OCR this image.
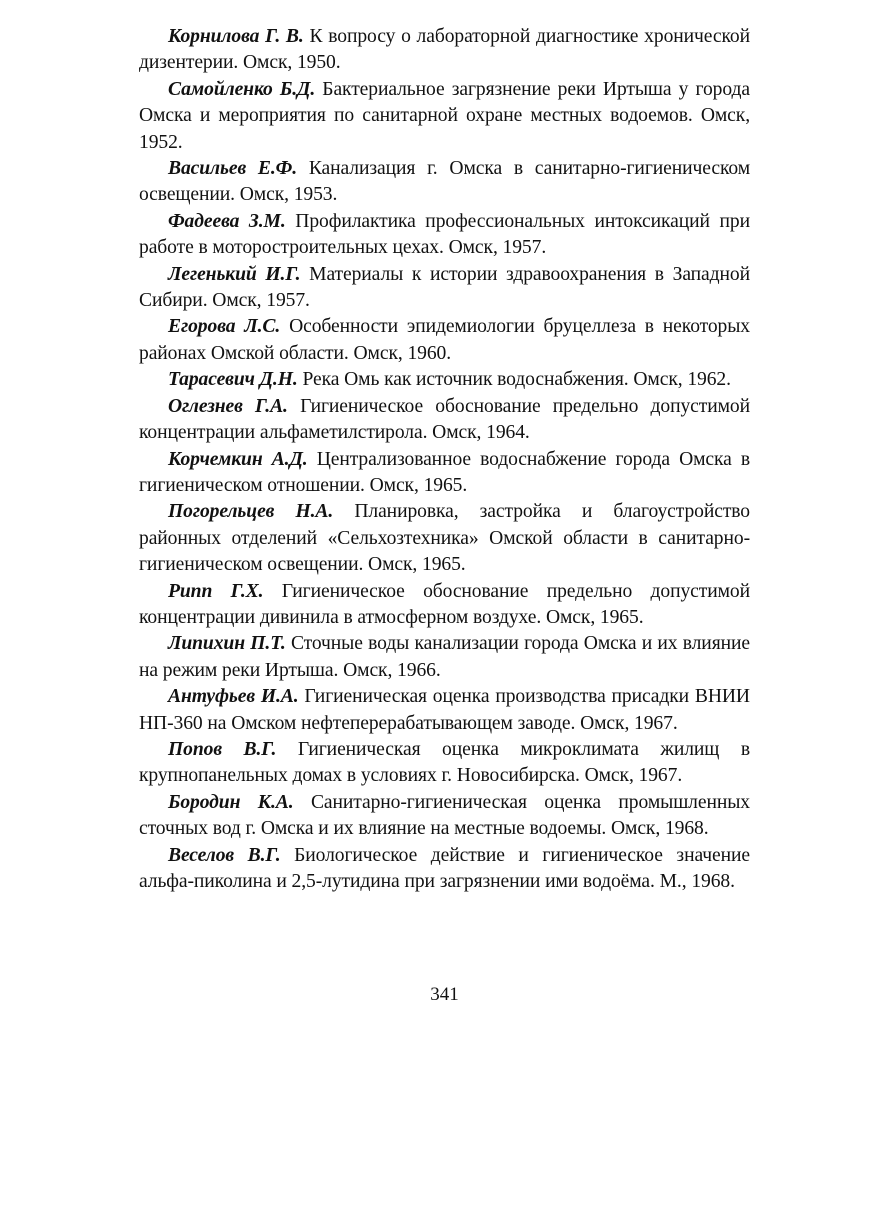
Корнилова Г. В. К вопросу о лабораторной диагностике хронической дизентерии. Омск, 1950.

Самойленко Б.Д. Бактериальное загрязнение реки Иртыша у города Омска и мероприятия по санитарной охране местных водоемов. Омск, 1952.

Васильев Е.Ф. Канализация г. Омска в санитарно-гигиеническом освещении. Омск, 1953.

Фадеева З.М. Профилактика профессиональных интоксикаций при работе в моторостроительных цехах. Омск, 1957.

Легенький И.Г. Материалы к истории здравоохранения в Западной Сибири. Омск, 1957.

Егорова Л.С. Особенности эпидемиологии бруцеллеза в некоторых районах Омской области. Омск, 1960.

Тарасевич Д.Н. Река Омь как источник водоснабжения. Омск, 1962.

Оглезнев Г.А. Гигиеническое обоснование предельно допустимой концентрации альфаметилстирола. Омск, 1964.

Корчемкин А.Д. Централизованное водоснабжение города Омска в гигиеническом отношении. Омск, 1965.

Погорельцев Н.А. Планировка, застройка и благоустройство районных отделений «Сельхозтехника» Омской области в санитарно-гигиеническом освещении. Омск, 1965.

Рипп Г.Х. Гигиеническое обоснование предельно допустимой концентрации дивинила в атмосферном воздухе. Омск, 1965.

Липихин П.Т. Сточные воды канализации города Омска и их влияние на режим реки Иртыша. Омск, 1966.

Антуфьев И.А. Гигиеническая оценка производства присадки ВНИИ НП-360 на Омском нефтеперерабатывающем заводе. Омск, 1967.

Попов В.Г. Гигиеническая оценка микроклимата жилищ в крупнопанельных домах в условиях г. Новосибирска. Омск, 1967.

Бородин К.А. Санитарно-гигиеническая оценка промышленных сточных вод г. Омска и их влияние на местные водоемы. Омск, 1968.

Веселов В.Г. Биологическое действие и гигиеническое значение альфа-пиколина и 2,5-лутидина при загрязнении ими водоёма. М., 1968.

341
